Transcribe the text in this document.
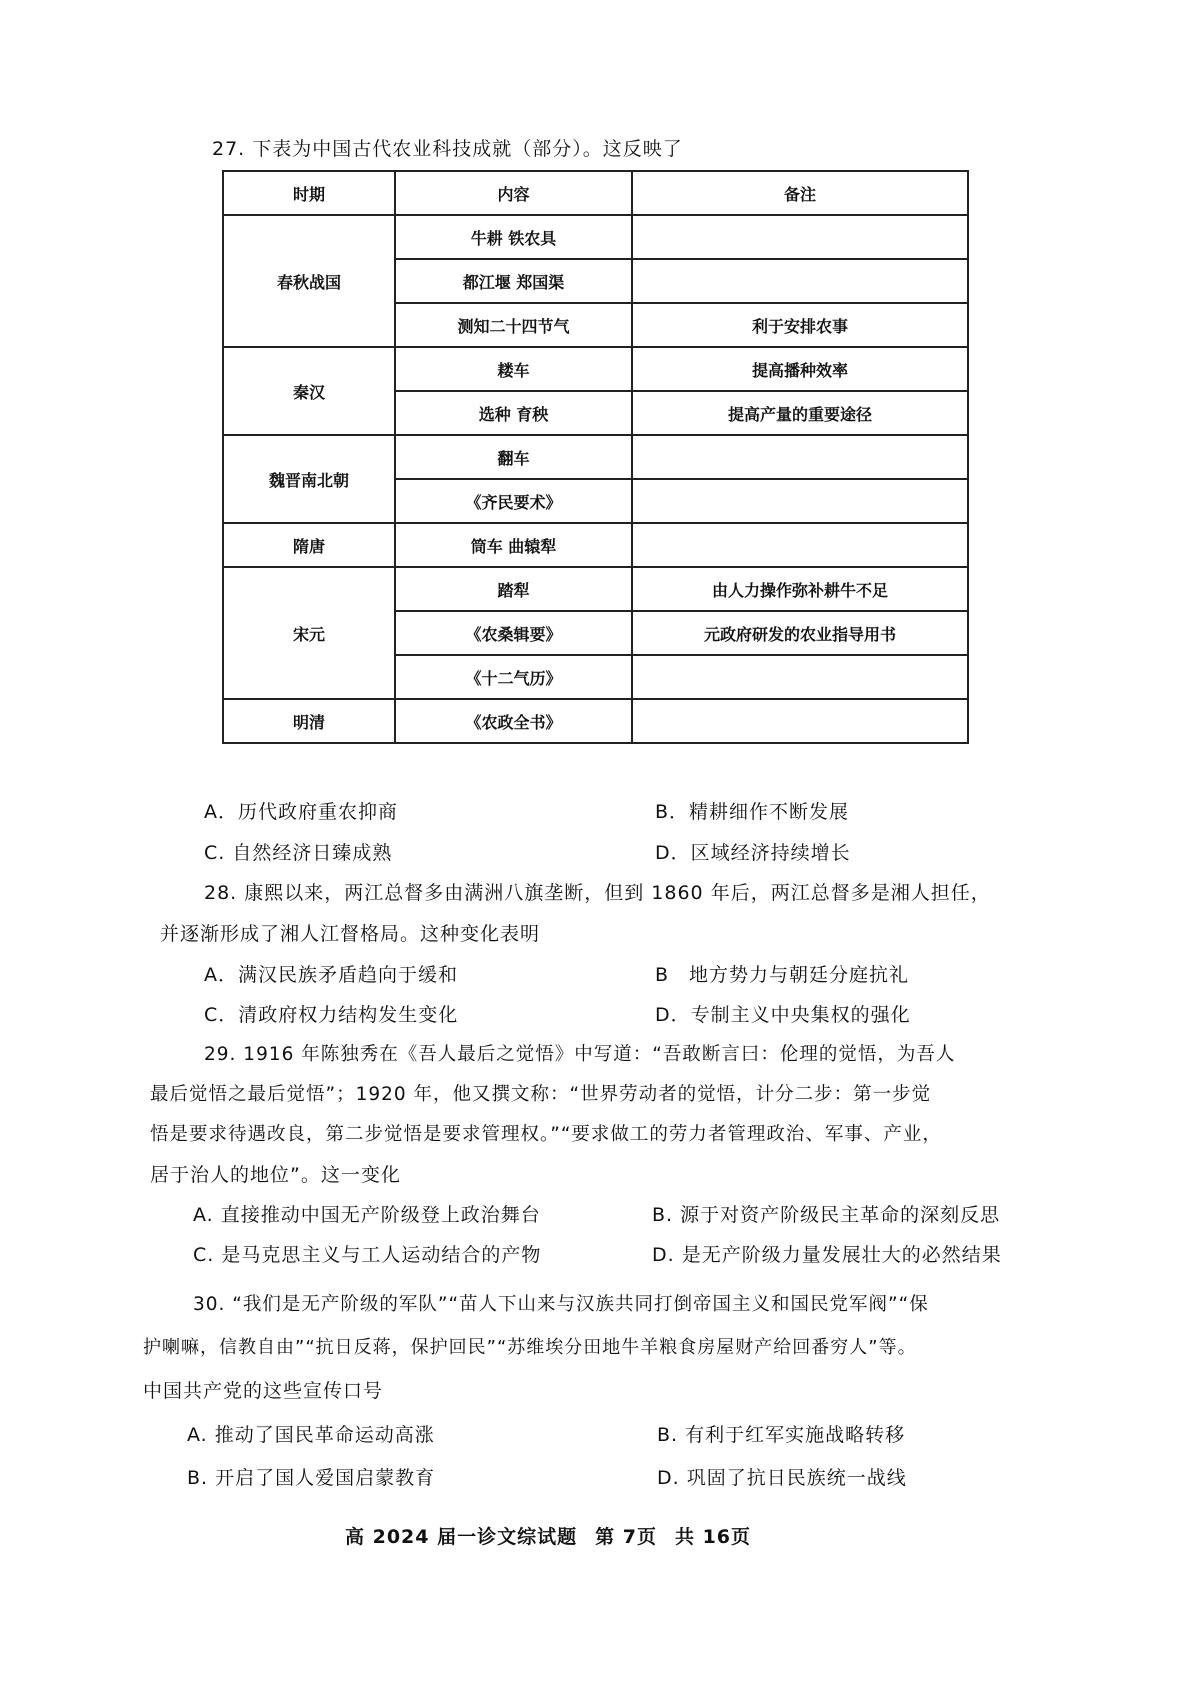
27. 下表为中国古代农业科技成就（部分）。这反映了
时期	内容	备注
春秋战国	牛耕 铁农具	
	都江堰 郑国渠	
	测知二十四节气	利于安排农事
秦汉	耧车	提高播种效率
	选种 育秧	提高产量的重要途径
魏晋南北朝	翻车	
	《齐民要术》	
隋唐	筒车 曲辕犁	
宋元	踏犁	由人力操作弥补耕牛不足
	《农桑辑要》	元政府研发的农业指导用书
	《十二气历》	
明清	《农政全书》	
A．历代政府重农抑商	B．精耕细作不断发展
C. 自然经济日臻成熟	D．区域经济持续增长
28. 康熙以来，两江总督多由满洲八旗垄断，但到 1860 年后，两江总督多是湘人担任，
并逐渐形成了湘人江督格局。这种变化表明
A．满汉民族矛盾趋向于缓和	B　地方势力与朝廷分庭抗礼
C．清政府权力结构发生变化	D．专制主义中央集权的强化
29. 1916 年陈独秀在《吾人最后之觉悟》中写道：“吾敢断言曰：伦理的觉悟，为吾人
最后觉悟之最后觉悟”；1920 年，他又撰文称：“世界劳动者的觉悟，计分二步：第一步觉
悟是要求待遇改良，第二步觉悟是要求管理权。”“要求做工的劳力者管理政治、军事、产业，
居于治人的地位”。这一变化
A. 直接推动中国无产阶级登上政治舞台	B. 源于对资产阶级民主革命的深刻反思
C. 是马克思主义与工人运动结合的产物	D. 是无产阶级力量发展壮大的必然结果
30. “我们是无产阶级的军队”“苗人下山来与汉族共同打倒帝国主义和国民党军阀”“保
护喇嘛，信教自由”“抗日反蒋，保护回民”“苏维埃分田地牛羊粮食房屋财产给回番穷人”等。
中国共产党的这些宣传口号
A. 推动了国民革命运动高涨	B. 有利于红军实施战略转移
B. 开启了国人爱国启蒙教育	D. 巩固了抗日民族统一战线
高 2024 届一诊文综试题 第 7页 共 16页
